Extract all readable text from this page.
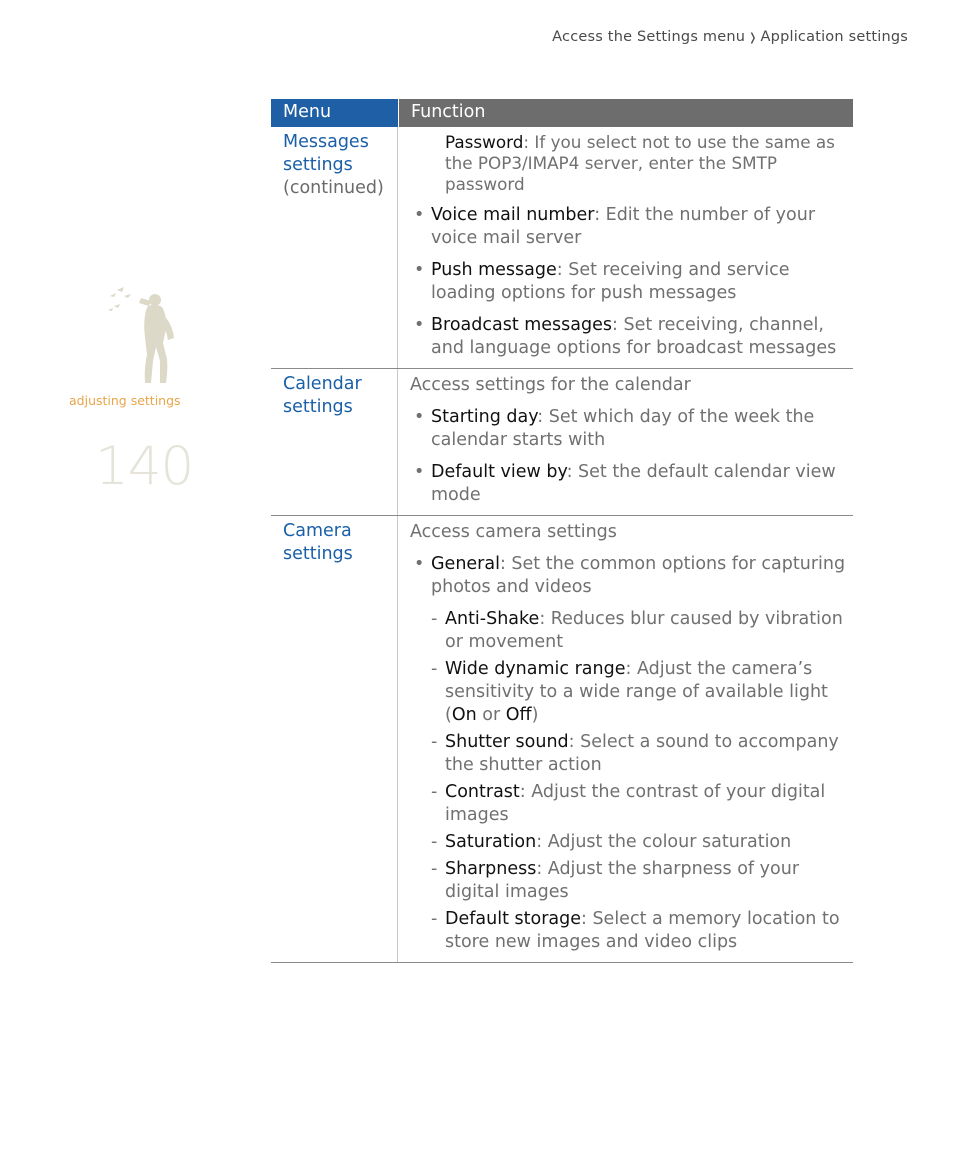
Access the Settings menu ❭ Application settings
adjusting settings
140
Menu	Function
Messages settings
(continued)
Password: If you select not to use the same as the POP3/IMAP4 server, enter the SMTP password
• Voice mail number: Edit the number of your voice mail server
• Push message: Set receiving and service loading options for push messages
• Broadcast messages: Set receiving, channel, and language options for broadcast messages
Calendar settings
Access settings for the calendar
• Starting day: Set which day of the week the calendar starts with
• Default view by: Set the default calendar view mode
Camera settings
Access camera settings
• General: Set the common options for capturing photos and videos
- Anti-Shake: Reduces blur caused by vibration or movement
- Wide dynamic range: Adjust the camera’s sensitivity to a wide range of available light (On or Off)
- Shutter sound: Select a sound to accompany the shutter action
- Contrast: Adjust the contrast of your digital images
- Saturation: Adjust the colour saturation
- Sharpness: Adjust the sharpness of your digital images
- Default storage: Select a memory location to store new images and video clips
